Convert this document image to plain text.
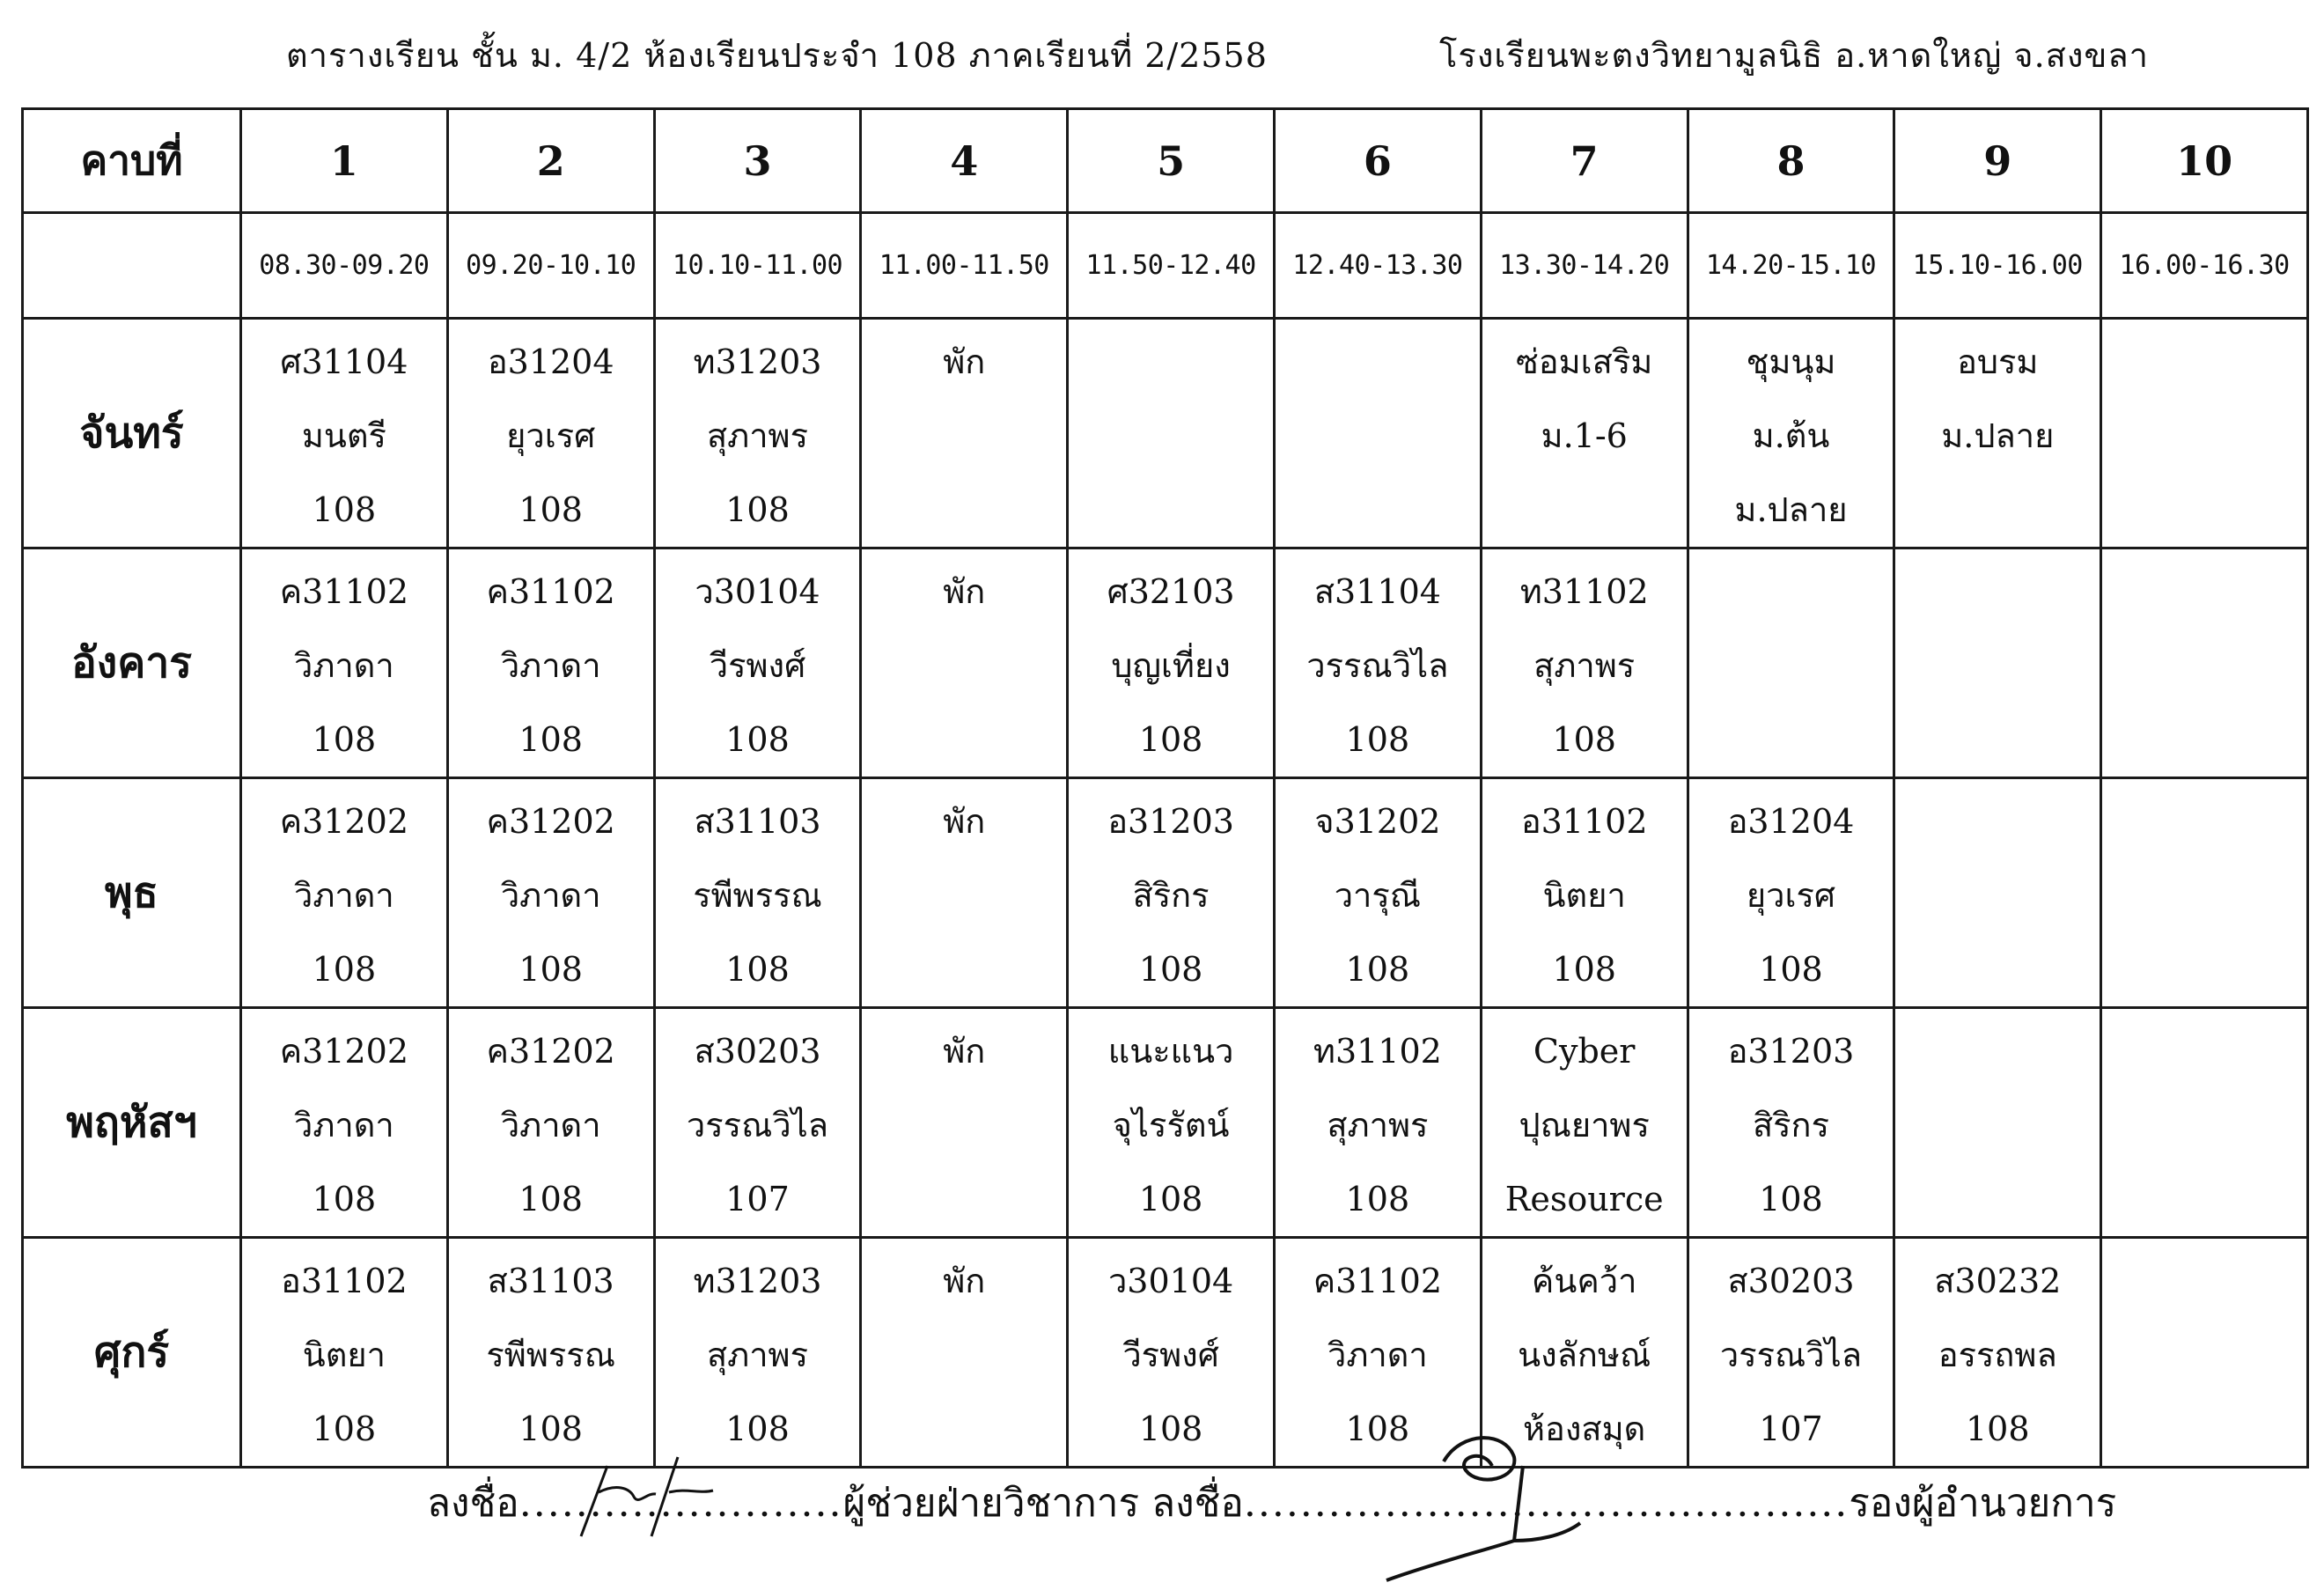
ตารางเรียน ชั้น ม. 4/2 ห้องเรียนประจำ 108 ภาคเรียนที่ 2/2558	โรงเรียนพะตงวิทยามูลนิธิ อ.หาดใหญ่ จ.สงขลา
คาบที่	1	2	3	4	5	6	7	8	9	10
	08.30-09.20	09.20-10.10	10.10-11.00	11.00-11.50	11.50-12.40	12.40-13.30	13.30-14.20	14.20-15.10	15.10-16.00	16.00-16.30
จันทร์	ศ31104
มนตรี
108	อ31204
ยุวเรศ
108	ท31203
สุภาพร
108	พัก			ซ่อมเสริม
ม.1-6	ชุมนุม
ม.ต้น
ม.ปลาย	อบรม
ม.ปลาย	

อังคาร	ค31102
วิภาดา
108	ค31102
วิภาดา
108	ว30104
วีรพงศ์
108	พัก	ศ32103
บุญเที่ยง
108	ส31104
วรรณวิไล
108	ท31102
สุภาพร
108			

พุธ	ค31202
วิภาดา
108	ค31202
วิภาดา
108	ส31103
รพีพรรณ
108	พัก	อ31203
สิริกร
108	จ31202
วารุณี
108	อ31102
นิตยา
108	อ31204
ยุวเรศ
108		

พฤหัสฯ	ค31202
วิภาดา
108	ค31202
วิภาดา
108	ส30203
วรรณวิไล
107	พัก	แนะแนว
จุไรรัตน์
108	ท31102
สุภาพร
108	Cyber
ปุณยาพร
Resource	อ31203
สิริกร
108		

ศุกร์	อ31102
นิตยา
108	ส31103
รพีพรรณ
108	ท31203
สุภาพร
108	พัก	ว30104
วีรพงศ์
108	ค31102
วิภาดา
108	ค้นคว้า
นงลักษณ์
ห้องสมุด	ส30203
วรรณวิไล
107	ส30232
อรรถพล
108	

ลงชื่อ.......................ผู้ช่วยฝ่ายวิชาการ ลงชื่อ...........................................รองผู้อำนวยการ
